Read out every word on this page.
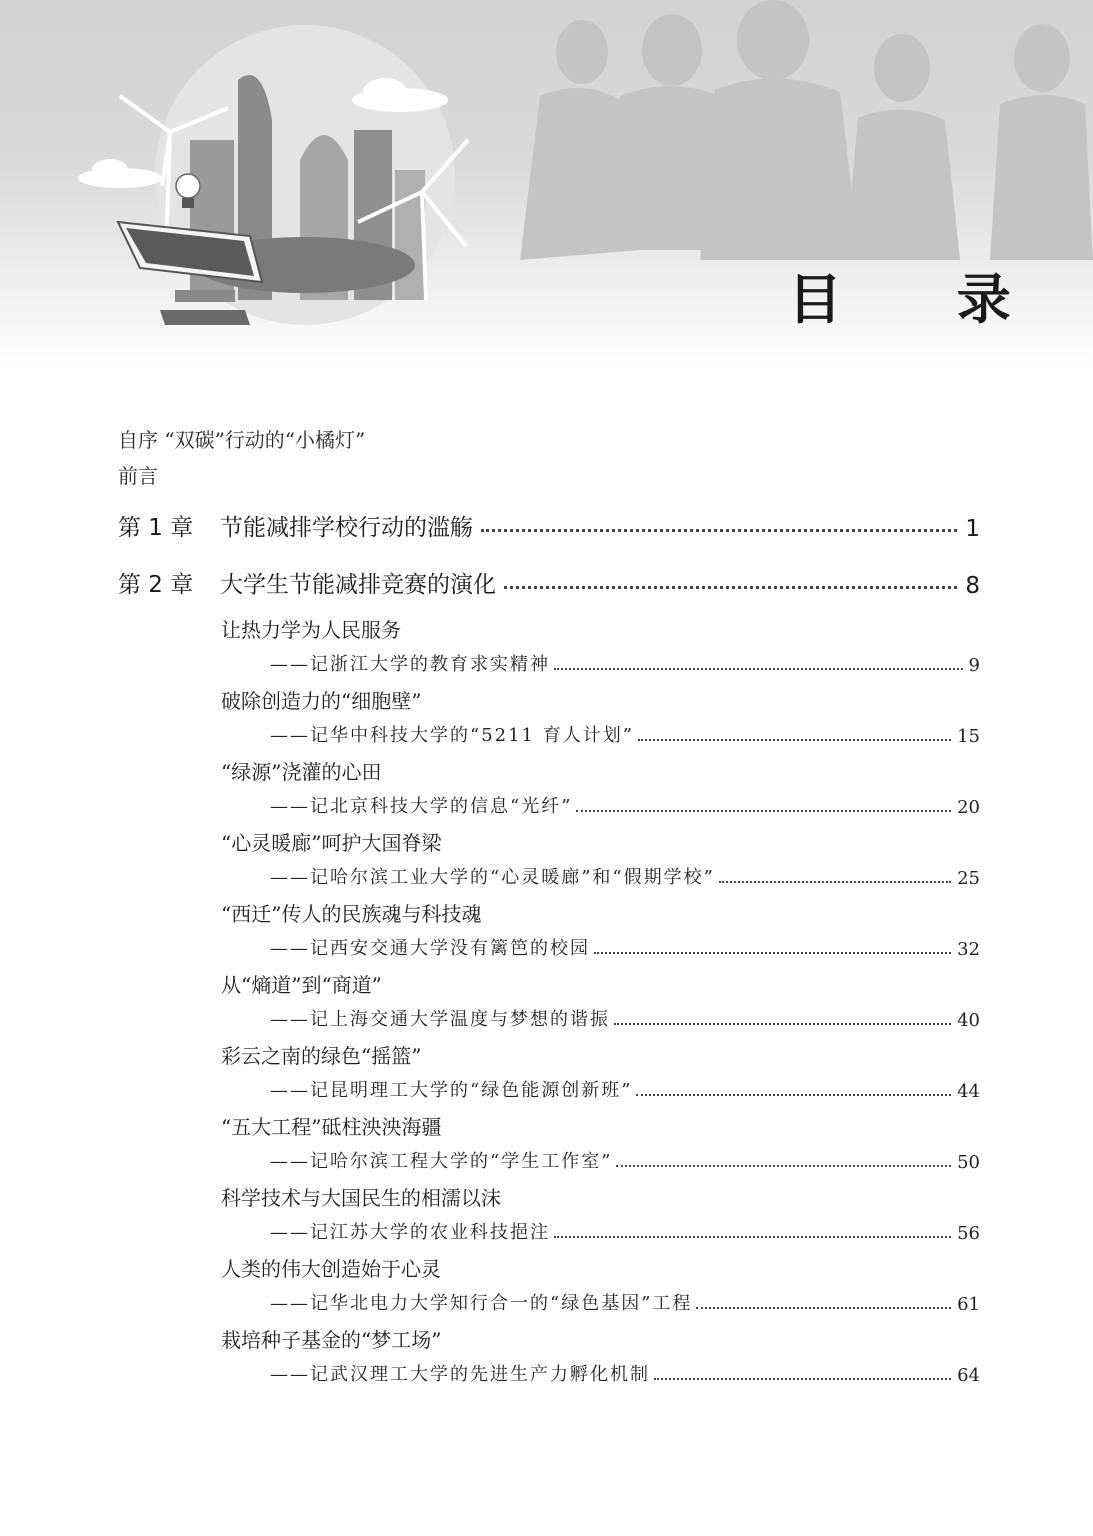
目 录
自序 “双碳”行动的“小橘灯”
前言
第 1 章	节能减排学校行动的滥觞	1
第 2 章	大学生节能减排竞赛的演化	8
让热力学为人民服务
——记浙江大学的教育求实精神	9
破除创造力的“细胞壁”
——记华中科技大学的“5211 育人计划”	15
“绿源”浇灌的心田
——记北京科技大学的信息“光纤”	20
“心灵暖廊”呵护大国脊梁
——记哈尔滨工业大学的“心灵暖廊”和“假期学校”	25
“西迁”传人的民族魂与科技魂
——记西安交通大学没有篱笆的校园	32
从“熵道”到“商道”
——记上海交通大学温度与梦想的谐振	40
彩云之南的绿色“摇篮”
——记昆明理工大学的“绿色能源创新班”	44
“五大工程”砥柱泱泱海疆
——记哈尔滨工程大学的“学生工作室”	50
科学技术与大国民生的相濡以沫
——记江苏大学的农业科技挹注	56
人类的伟大创造始于心灵
——记华北电力大学知行合一的“绿色基因”工程	61
栽培种子基金的“梦工场”
——记武汉理工大学的先进生产力孵化机制	64
